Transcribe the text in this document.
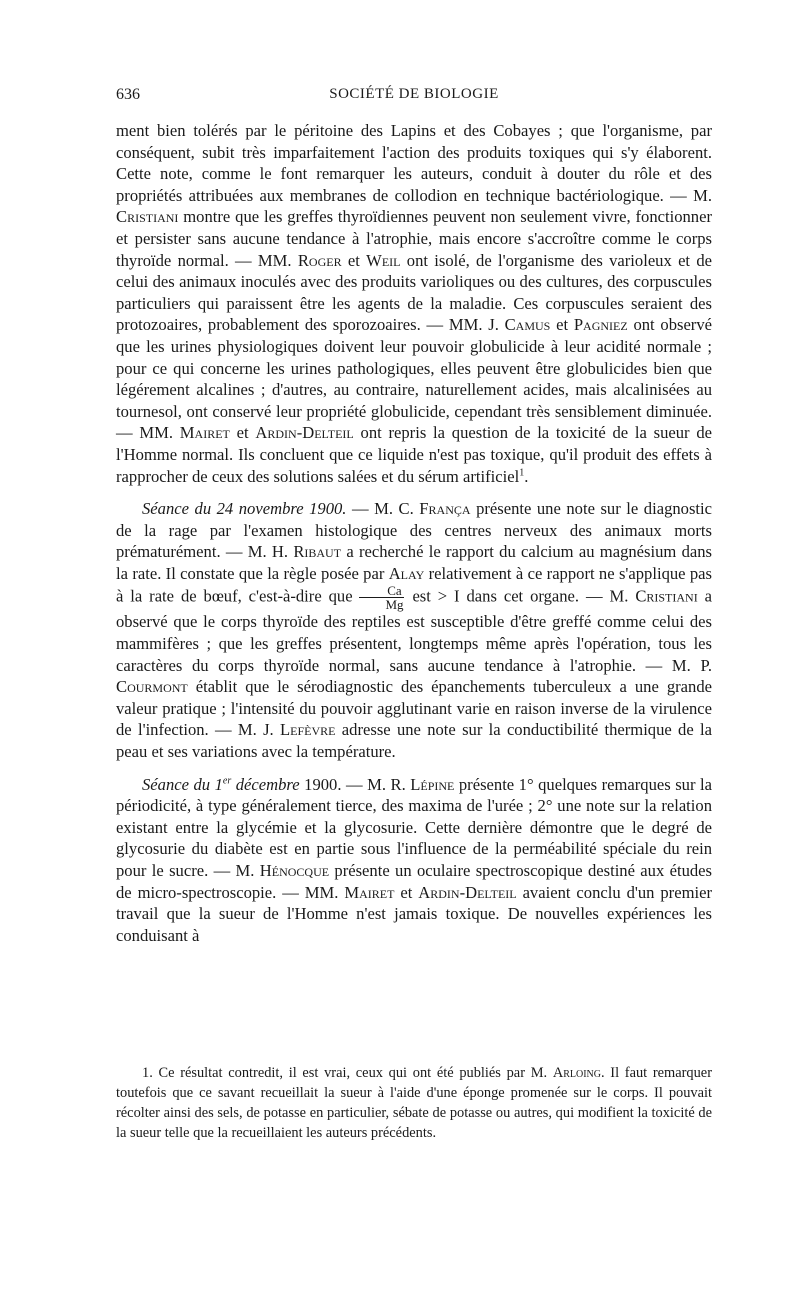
636	SOCIÉTÉ DE BIOLOGIE

ment bien tolérés par le péritoine des Lapins et des Cobayes ; que l'organisme, par conséquent, subit très imparfaitement l'action des produits toxiques qui s'y élaborent. Cette note, comme le font remarquer les auteurs, conduit à douter du rôle et des propriétés attribuées aux membranes de collodion en technique bactériologique. — M. Cristiani montre que les greffes thyroïdiennes peuvent non seulement vivre, fonctionner et persister sans aucune tendance à l'atrophie, mais encore s'accroître comme le corps thyroïde normal. — MM. Roger et Weil ont isolé, de l'organisme des varioleux et de celui des animaux inoculés avec des produits varioliques ou des cultures, des corpuscules particuliers qui paraissent être les agents de la maladie. Ces corpuscules seraient des protozoaires, probablement des sporozoaires. — MM. J. Camus et Pagniez ont observé que les urines physiologiques doivent leur pouvoir globulicide à leur acidité normale ; pour ce qui concerne les urines pathologiques, elles peuvent être globulicides bien que légérement alcalines ; d'autres, au contraire, naturellement acides, mais alcalinisées au tournesol, ont conservé leur propriété globulicide, cependant très sensiblement diminuée. — MM. Mairet et Ardin-Delteil ont repris la question de la toxicité de la sueur de l'Homme normal. Ils concluent que ce liquide n'est pas toxique, qu'il produit des effets à rapprocher de ceux des solutions salées et du sérum artificiel$^1$.

Séance du 24 novembre 1900. — M. C. França présente une note sur le diagnostic de la rage par l'examen histologique des centres nerveux des animaux morts prématurément. — M. H. Ribaut a recherché le rapport du calcium au magnésium dans la rate. Il constate que la règle posée par Alay relativement à ce rapport ne s'applique pas à la rate de bœuf, c'est-à-dire que $\frac{Ca}{Mg}$ est > I dans cet organe. — M. Cristiani a observé que le corps thyroïde des reptiles est susceptible d'être greffé comme celui des mammifères ; que les greffes présentent, longtemps même après l'opération, tous les caractères du corps thyroïde normal, sans aucune tendance à l'atrophie. — M. P. Courmont établit que le sérodiagnostic des épanchements tuberculeux a une grande valeur pratique ; l'intensité du pouvoir agglutinant varie en raison inverse de la virulence de l'infection. — M. J. Lefèvre adresse une note sur la conductibilité thermique de la peau et ses variations avec la température.

Séance du 1er décembre 1900. — M. R. Lépine présente 1° quelques remarques sur la périodicité, à type généralement tierce, des maxima de l'urée ; 2° une note sur la relation existant entre la glycémie et la glycosurie. Cette dernière démontre que le degré de glycosurie du diabète est en partie sous l'influence de la perméabilité spéciale du rein pour le sucre. — M. Hénocque présente un oculaire spectroscopique destiné aux études de micro-spectroscopie. — MM. Mairet et Ardin-Delteil avaient conclu d'un premier travail que la sueur de l'Homme n'est jamais toxique. De nouvelles expériences les conduisant à

1. Ce résultat contredit, il est vrai, ceux qui ont été publiés par M. Arloing. Il faut remarquer toutefois que ce savant recueillait la sueur à l'aide d'une éponge promenée sur le corps. Il pouvait récolter ainsi des sels, de potasse en particulier, sébate de potasse ou autres, qui modifient la toxicité de la sueur telle que la recueillaient les auteurs précédents.
